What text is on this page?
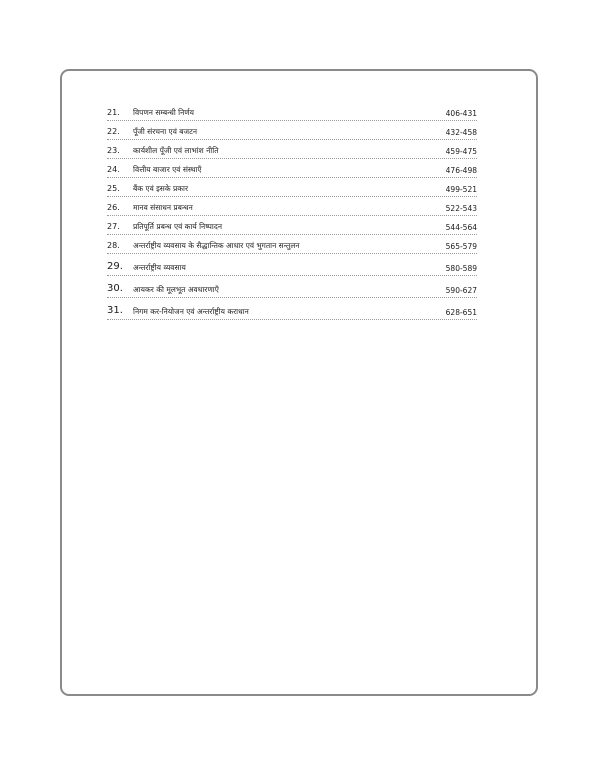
21.	विपणन सम्बन्धी निर्णय	406-431
22.	पूँजी संरचना एवं बजटन	432-458
23.	कार्यशील पूँजी एवं लाभांश नीति	459-475
24.	वित्तीय बाजार एवं संस्थाएँ	476-498
25.	बैंक एवं इसके प्रकार	499-521
26.	मानव संसाधन प्रबन्धन	522-543
27.	प्रतिपूर्ति प्रबन्ध एवं कार्य निष्पादन	544-564
28.	अन्तर्राष्ट्रीय व्यवसाय के सैद्धान्तिक आधार एवं भुगतान सन्तुलन	565-579
29.	अन्तर्राष्ट्रीय व्यवसाय	580-589
30.	आयकर की मूलभूत अवधारणाएँ	590-627
31.	निगम कर-नियोजन एवं अन्तर्राष्ट्रीय कराधान	628-651
